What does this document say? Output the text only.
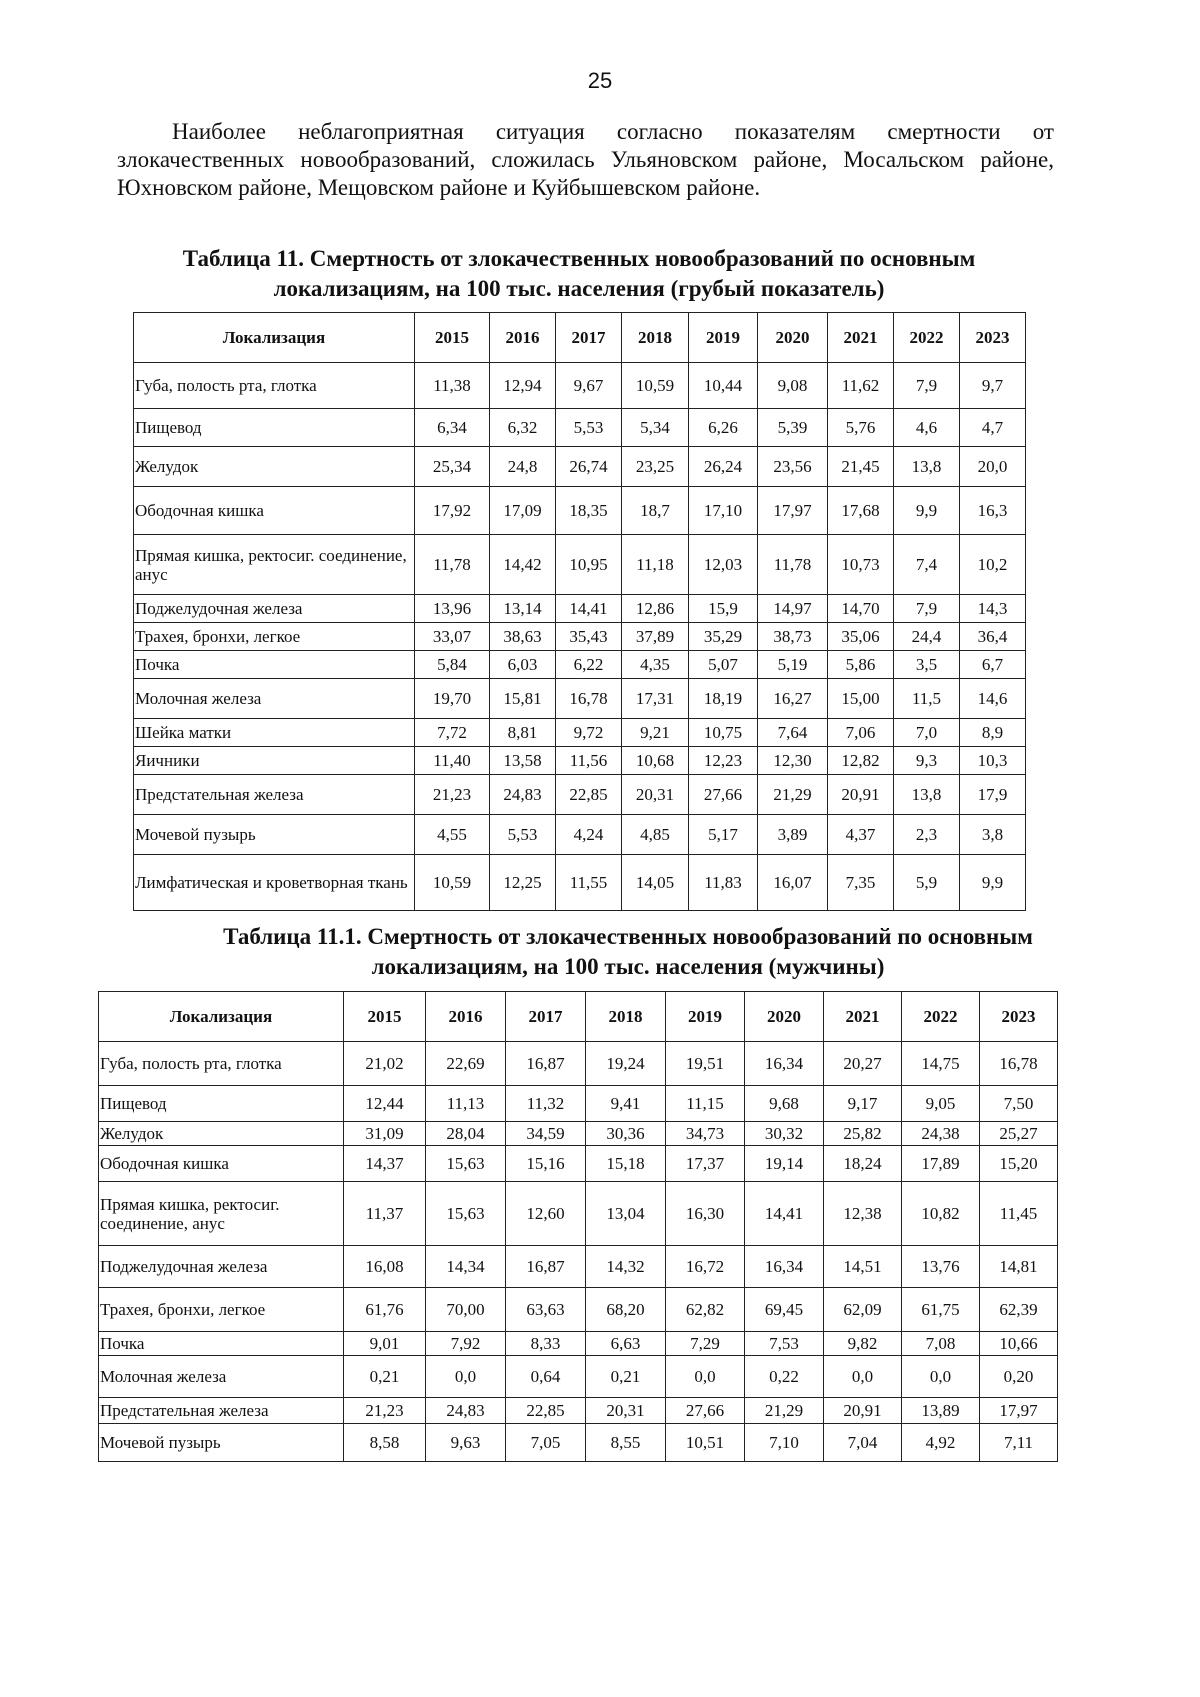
25

Наиболее неблагоприятная ситуация согласно показателям смертности от злокачественных новообразований, сложилась Ульяновском районе, Мосальском районе, Юхновском районе, Мещовском районе и Куйбышевском районе.

Таблица 11. Смертность от злокачественных новообразований по основным
локализациям, на 100 тыс. населения (грубый показатель)
Локализация	2015	2016	2017	2018	2019	2020	2021	2022	2023
Губа, полость рта, глотка	11,38	12,94	9,67	10,59	10,44	9,08	11,62	7,9	9,7
Пищевод	6,34	6,32	5,53	5,34	6,26	5,39	5,76	4,6	4,7
Желудок	25,34	24,8	26,74	23,25	26,24	23,56	21,45	13,8	20,0
Ободочная кишка	17,92	17,09	18,35	18,7	17,10	17,97	17,68	9,9	16,3
Прямая кишка, ректосиг. соединение, анус	11,78	14,42	10,95	11,18	12,03	11,78	10,73	7,4	10,2
Поджелудочная железа	13,96	13,14	14,41	12,86	15,9	14,97	14,70	7,9	14,3
Трахея, бронхи, легкое	33,07	38,63	35,43	37,89	35,29	38,73	35,06	24,4	36,4
Почка	5,84	6,03	6,22	4,35	5,07	5,19	5,86	3,5	6,7
Молочная железа	19,70	15,81	16,78	17,31	18,19	16,27	15,00	11,5	14,6
Шейка матки	7,72	8,81	9,72	9,21	10,75	7,64	7,06	7,0	8,9
Яичники	11,40	13,58	11,56	10,68	12,23	12,30	12,82	9,3	10,3
Предстательная железа	21,23	24,83	22,85	20,31	27,66	21,29	20,91	13,8	17,9
Мочевой пузырь	4,55	5,53	4,24	4,85	5,17	3,89	4,37	2,3	3,8
Лимфатическая и кроветворная ткань	10,59	12,25	11,55	14,05	11,83	16,07	7,35	5,9	9,9
Таблица 11.1. Смертность от злокачественных новообразований по основным
локализациям, на 100 тыс. населения (мужчины)
Локализация	2015	2016	2017	2018	2019	2020	2021	2022	2023
Губа, полость рта, глотка	21,02	22,69	16,87	19,24	19,51	16,34	20,27	14,75	16,78
Пищевод	12,44	11,13	11,32	9,41	11,15	9,68	9,17	9,05	7,50
Желудок	31,09	28,04	34,59	30,36	34,73	30,32	25,82	24,38	25,27
Ободочная кишка	14,37	15,63	15,16	15,18	17,37	19,14	18,24	17,89	15,20
Прямая кишка, ректосиг. соединение, анус	11,37	15,63	12,60	13,04	16,30	14,41	12,38	10,82	11,45
Поджелудочная железа	16,08	14,34	16,87	14,32	16,72	16,34	14,51	13,76	14,81
Трахея, бронхи, легкое	61,76	70,00	63,63	68,20	62,82	69,45	62,09	61,75	62,39
Почка	9,01	7,92	8,33	6,63	7,29	7,53	9,82	7,08	10,66
Молочная железа	0,21	0,0	0,64	0,21	0,0	0,22	0,0	0,0	0,20
Предстательная железа	21,23	24,83	22,85	20,31	27,66	21,29	20,91	13,89	17,97
Мочевой пузырь	8,58	9,63	7,05	8,55	10,51	7,10	7,04	4,92	7,11
